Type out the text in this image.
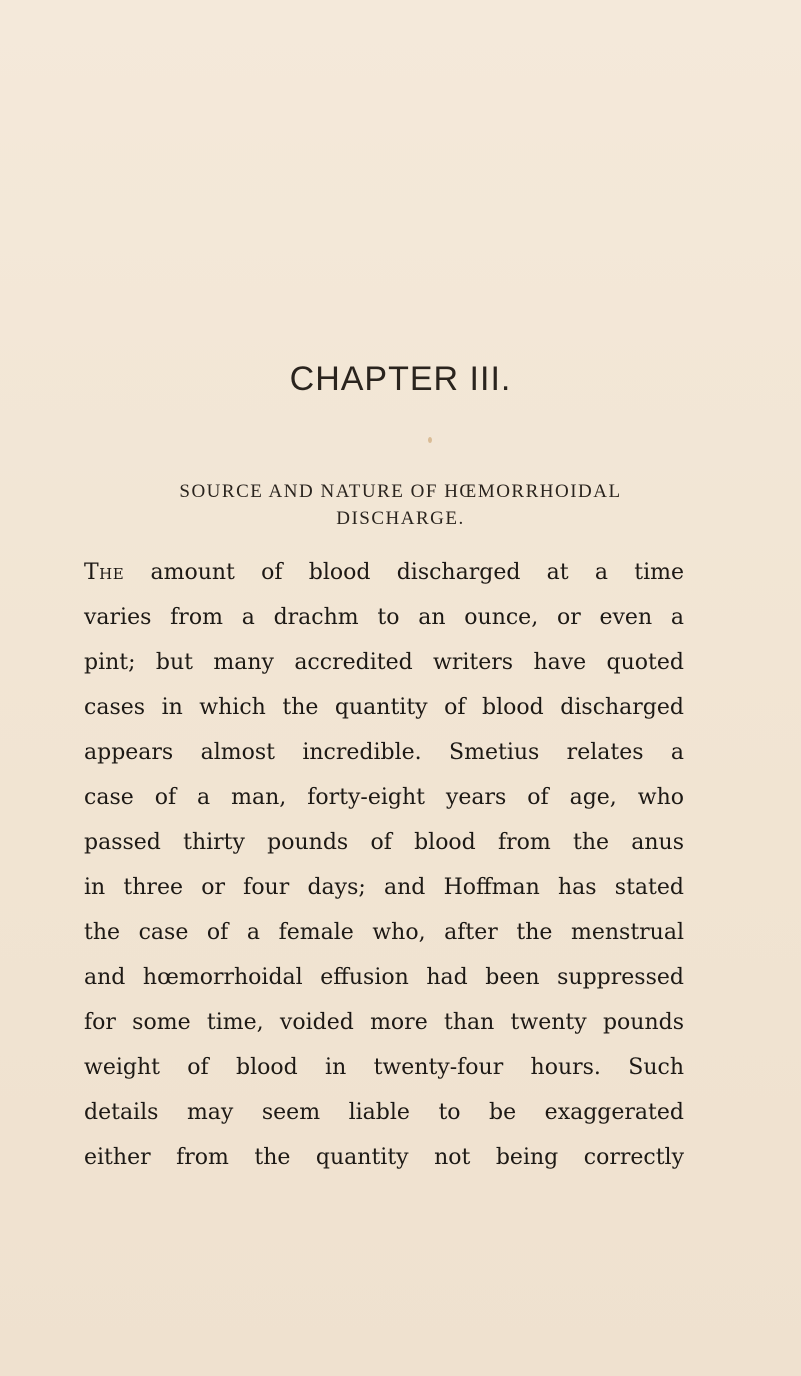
CHAPTER III.
SOURCE AND NATURE OF HŒMORRHOIDAL
DISCHARGE.
The amount of blood discharged at a time
varies from a drachm to an ounce, or even a
pint; but many accredited writers have quoted
cases in which the quantity of blood discharged
appears almost incredible. Smetius relates a
case of a man, forty-eight years of age, who
passed thirty pounds of blood from the anus
in three or four days; and Hoffman has stated
the case of a female who, after the menstrual
and hœmorrhoidal effusion had been suppressed
for some time, voided more than twenty pounds
weight of blood in twenty-four hours. Such
details may seem liable to be exaggerated
either from the quantity not being correctly
